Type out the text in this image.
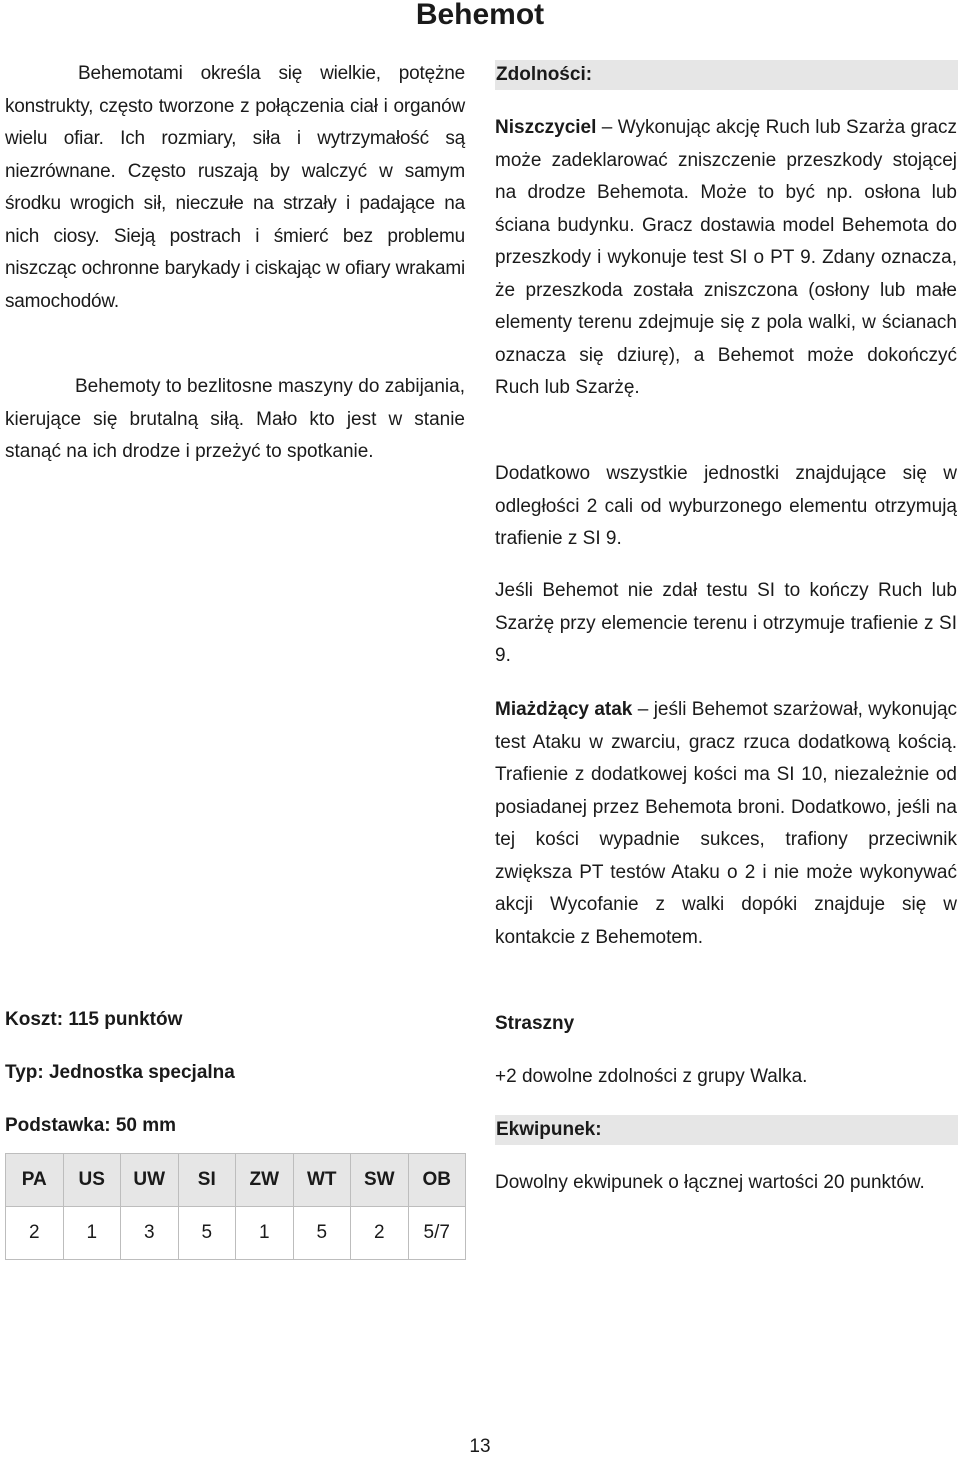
Behemot

Behemotami określa się wielkie, potężne konstrukty, często tworzone z połączenia ciał i organów wielu ofiar. Ich rozmiary, siła i wytrzymałość są niezrównane. Często ruszają by walczyć w samym środku wrogich sił, nieczułe na strzały i padające na nich ciosy. Sieją postrach i śmierć bez problemu niszcząc ochronne barykady i ciskając w ofiary wrakami samochodów.

Behemoty to bezlitosne maszyny do zabijania, kierujące się brutalną siłą. Mało kto jest w stanie stanąć na ich drodze i przeżyć to spotkanie.

Koszt: 115 punktów
Typ: Jednostka specjalna
Podstawka: 50 mm
PA	US	UW	SI	ZW	WT	SW	OB
2	1	3	5	1	5	2	5/7
Zdolności:

Niszczyciel – Wykonując akcję Ruch lub Szarża gracz może zadeklarować zniszczenie przeszkody stojącej na drodze Behemota. Może to być np. osłona lub ściana budynku. Gracz dostawia model Behemota do przeszkody i wykonuje test SI o PT 9. Zdany oznacza, że przeszkoda została zniszczona (osłony lub małe elementy terenu zdejmuje się z pola walki, w ścianach oznacza się dziurę), a Behemot może dokończyć Ruch lub Szarżę.

Dodatkowo wszystkie jednostki znajdujące się w odległości 2 cali od wyburzonego elementu otrzymują trafienie z SI 9.

Jeśli Behemot nie zdał testu SI to kończy Ruch lub Szarżę przy elemencie terenu i otrzymuje trafienie z SI 9.

Miażdżący atak – jeśli Behemot szarżował, wykonując test Ataku w zwarciu, gracz rzuca dodatkową kością. Trafienie z dodatkowej kości ma SI 10, niezależnie od posiadanej przez Behemota broni. Dodatkowo, jeśli na tej kości wypadnie sukces, trafiony przeciwnik zwiększa PT testów Ataku o 2 i nie może wykonywać akcji Wycofanie z walki dopóki znajduje się w kontakcie z Behemotem.

Straszny
+2 dowolne zdolności z grupy Walka.
Ekwipunek:

Dowolny ekwipunek o łącznej wartości 20 punktów.

13
